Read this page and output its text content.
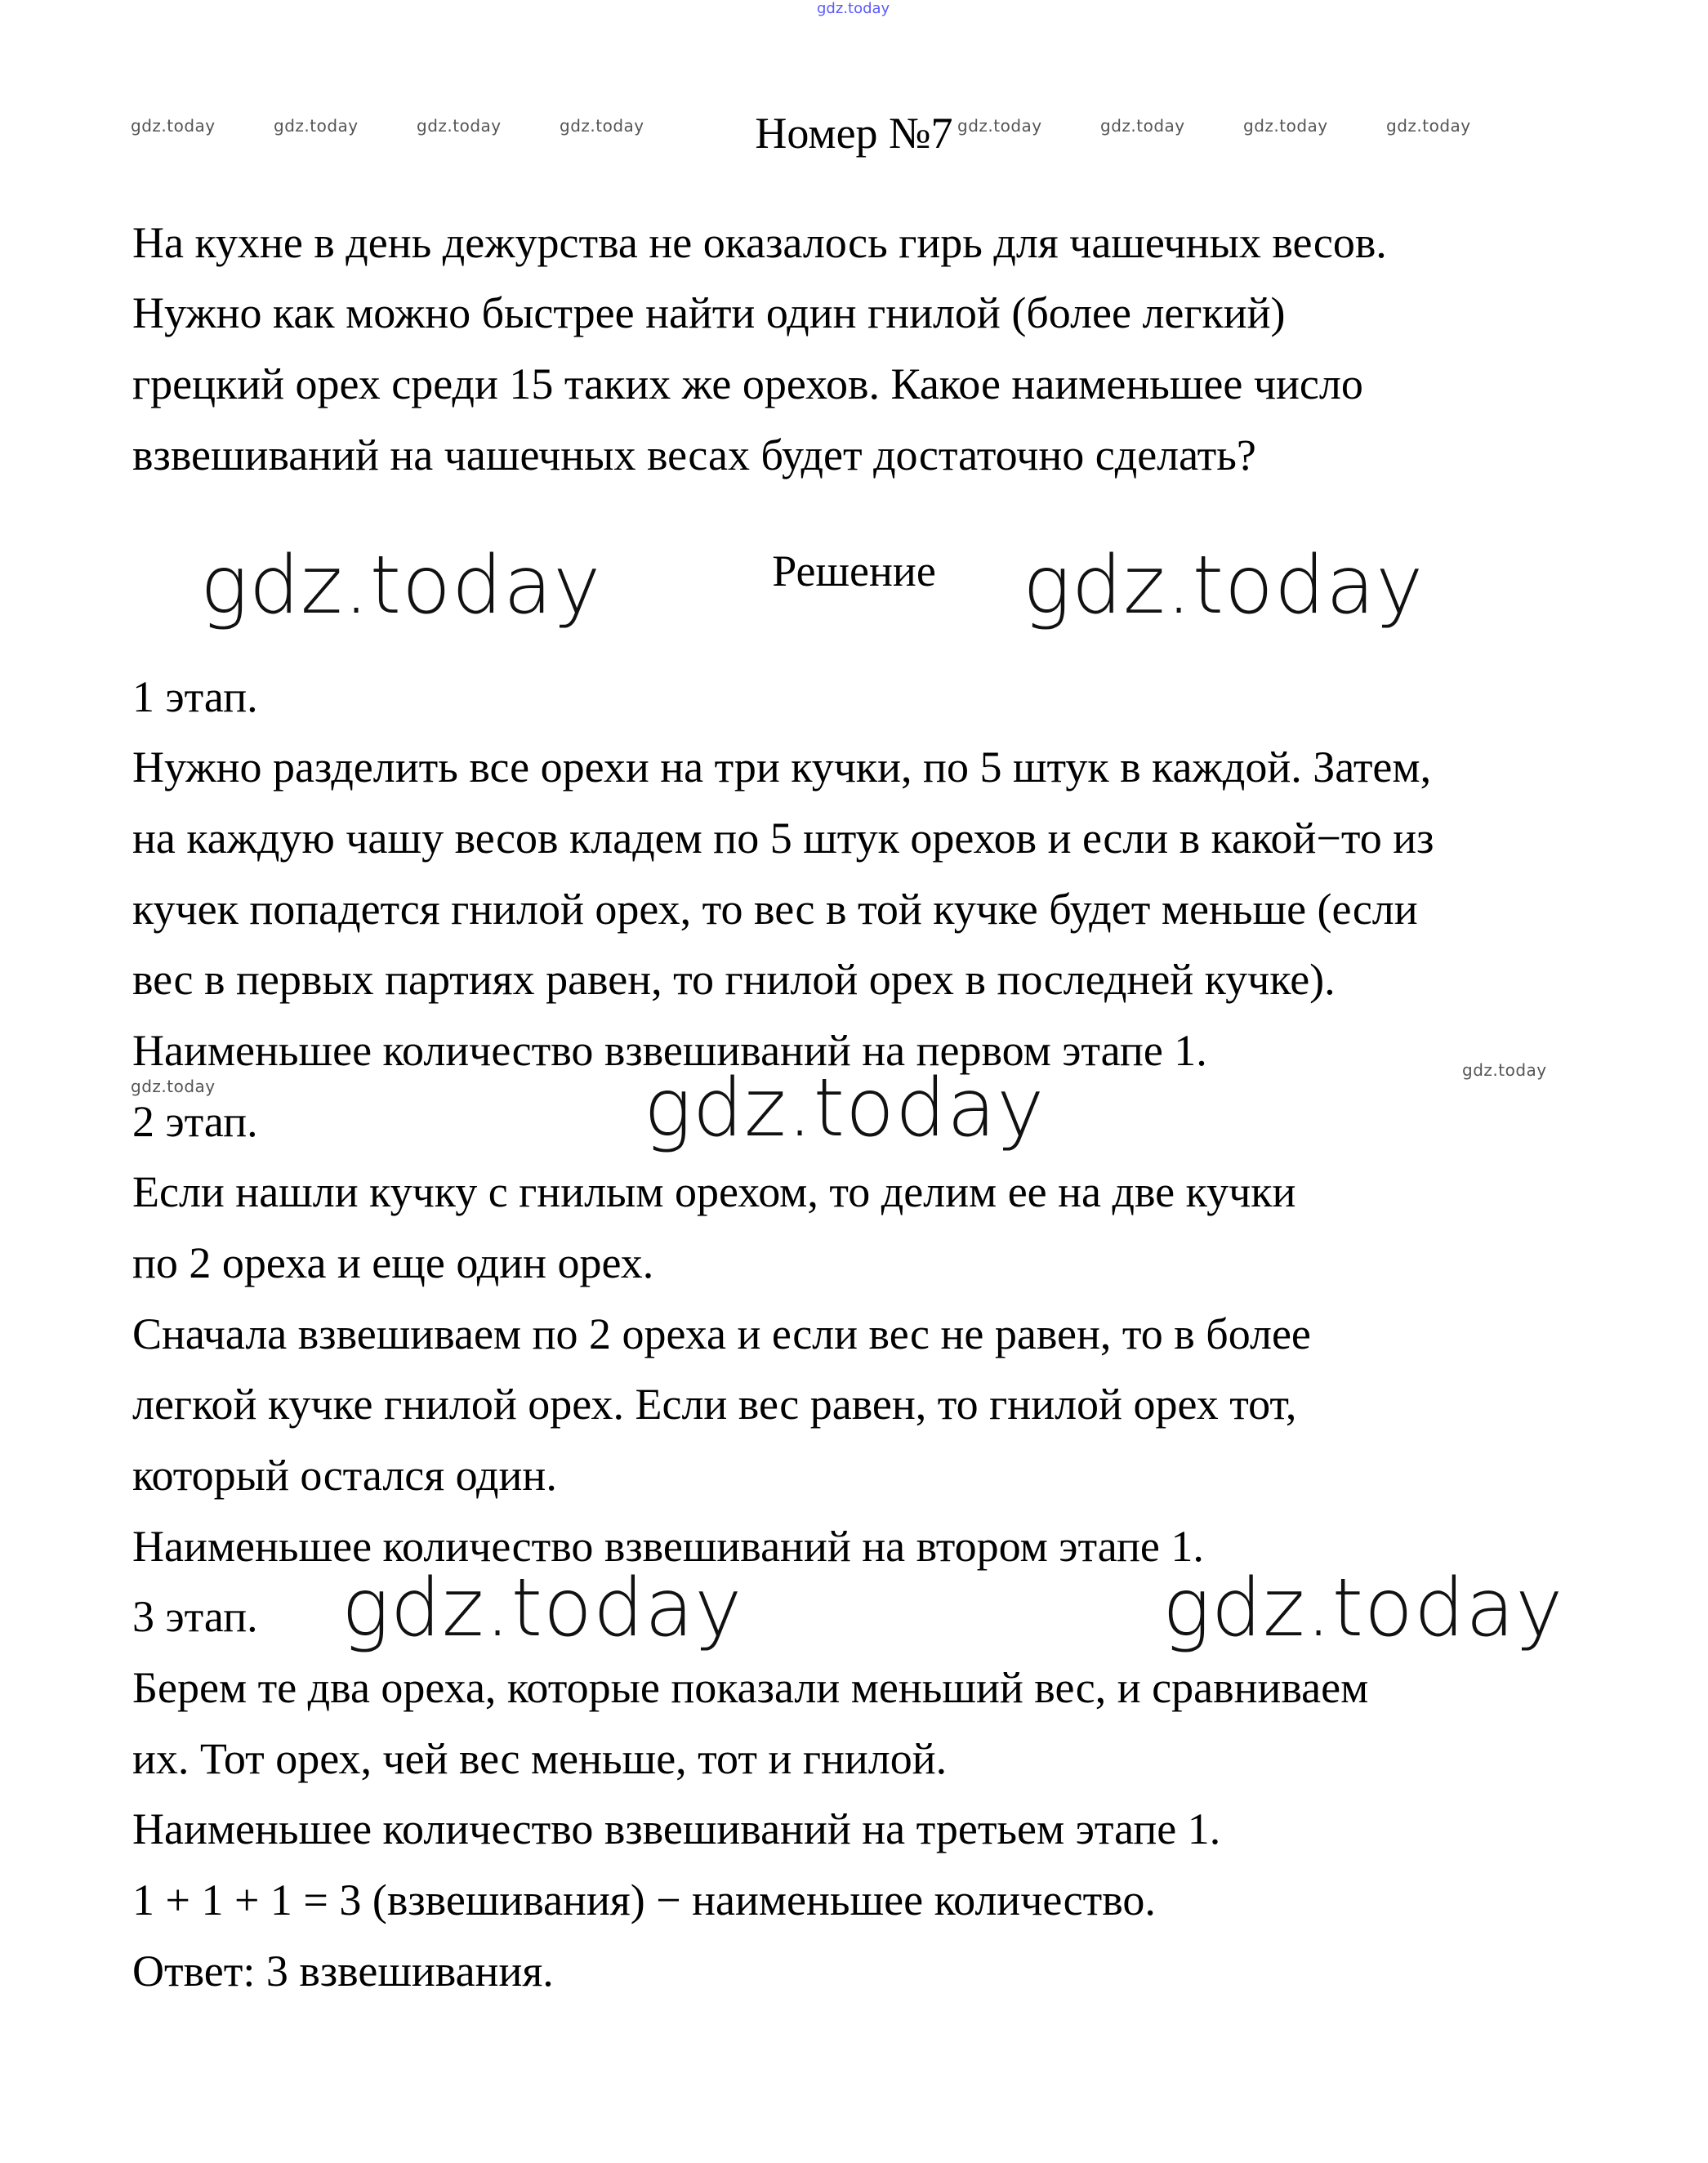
gdz.today
gdz.today	gdz.today	gdz.today	gdz.today	gdz.today	gdz.today	gdz.today	gdz.today
gdz.today
gdz.today
gdz.today	gdz.today
gdz.today
gdz.today	gdz.today
Номер №7
На кухне в день дежурства не оказалось гирь для чашечных весов.
Нужно как можно быстрее найти один гнилой (более легкий)
грецкий орех среди 15 таких же орехов. Какое наименьшее число
взвешиваний на чашечных весах будет достаточно сделать?
Решение
1 этап.
Нужно разделить все орехи на три кучки, по 5 штук в каждой. Затем,
на каждую чашу весов кладем по 5 штук орехов и если в какой−то из
кучек попадется гнилой орех, то вес в той кучке будет меньше (если
вес в первых партиях равен, то гнилой орех в последней кучке).
Наименьшее количество взвешиваний на первом этапе 1.
2 этап.
Если нашли кучку с гнилым орехом, то делим ее на две кучки
по 2 ореха и еще один орех.
Сначала взвешиваем по 2 ореха и если вес не равен, то в более
легкой кучке гнилой орех. Если вес равен, то гнилой орех тот,
который остался один.
Наименьшее количество взвешиваний на втором этапе 1.
3 этап.
Берем те два ореха, которые показали меньший вес, и сравниваем
их. Тот орех, чей вес меньше, тот и гнилой.
Наименьшее количество взвешиваний на третьем этапе 1.
1 + 1 + 1 = 3 (взвешивания) − наименьшее количество.
Ответ: 3 взвешивания.
